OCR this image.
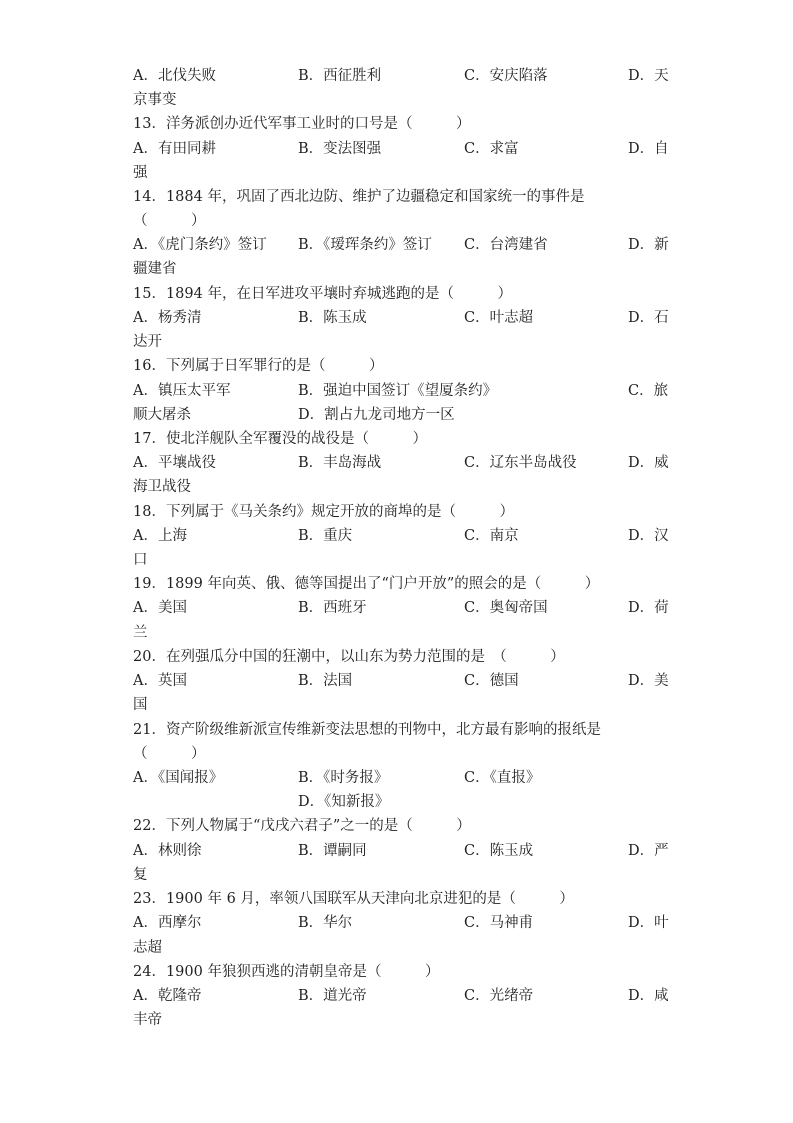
A．北伐失败	B．西征胜利	C．安庆陷落	D．天
京事变
13．洋务派创办近代军事工业时的口号是（　　　）
A．有田同耕	B．变法图强	C．求富	D．自
强
14．1884 年，巩固了西北边防、维护了边疆稳定和国家统一的事件是
（　　　）
A．《虎门条约》签订 B．《瑷珲条约》签订 C．台湾建省	D．新
疆建省
15．1894 年，在日军进攻平壤时弃城逃跑的是（　　　）
A．杨秀清	B．陈玉成	C．叶志超	D．石
达开
16．下列属于日军罪行的是（　　　）
A．镇压太平军	B．强迫中国签订《望厦条约》	C．旅
顺大屠杀	D．割占九龙司地方一区
17．使北洋舰队全军覆没的战役是（　　　）
A．平壤战役	B．丰岛海战	C．辽东半岛战役	D．威
海卫战役
18．下列属于《马关条约》规定开放的商埠的是（　　　）
A．上海	B．重庆	C．南京	D．汉
口
19．1899 年向英、俄、德等国提出了“门户开放”的照会的是（　　　）
A．美国	B．西班牙	C．奥匈帝国	D．荷
兰
20．在列强瓜分中国的狂潮中，以山东为势力范围的是　（　　　）
A．英国	B．法国	C．德国	D．美
国
21．资产阶级维新派宣传维新变法思想的刊物中，北方最有影响的报纸是
（　　　）
A．《国闻报》	B．《时务报》	C．《直报》
D．《知新报》
22．下列人物属于“戊戌六君子”之一的是（　　　）
A．林则徐	B．谭嗣同	C．陈玉成	D．严
复
23．1900 年 6 月，率领八国联军从天津向北京进犯的是（　　　）
A．西摩尔	B．华尔	C．马神甫	D．叶
志超
24．1900 年狼狈西逃的清朝皇帝是（　　　）
A．乾隆帝	B．道光帝	C．光绪帝	D．咸
丰帝
